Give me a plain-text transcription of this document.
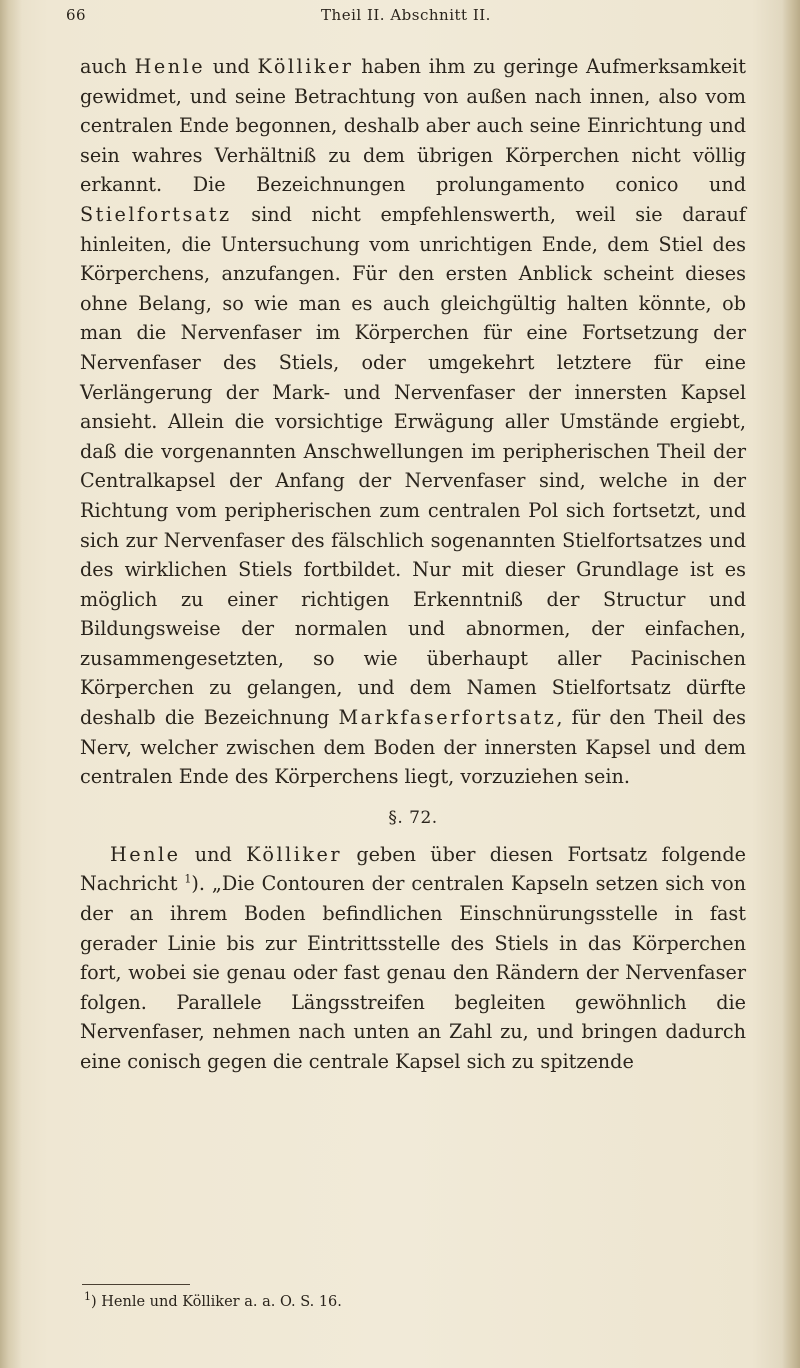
66	Theil II. Abschnitt II.

auch Henle und Kölliker haben ihm zu geringe Aufmerksamkeit gewidmet, und seine Betrachtung von außen nach innen, also vom centralen Ende begonnen, deshalb aber auch seine Einrichtung und sein wahres Verhältniß zu dem übrigen Körperchen nicht völlig erkannt. Die Bezeichnungen prolungamento conico und Stielfortsatz sind nicht empfehlenswerth, weil sie darauf hinleiten, die Untersuchung vom unrichtigen Ende, dem Stiel des Körperchens, anzufangen. Für den ersten Anblick scheint dieses ohne Belang, so wie man es auch gleichgültig halten könnte, ob man die Nervenfaser im Körperchen für eine Fortsetzung der Nervenfaser des Stiels, oder umgekehrt letztere für eine Verlängerung der Mark- und Nervenfaser der innersten Kapsel ansieht. Allein die vorsichtige Erwägung aller Umstände ergiebt, daß die vorgenannten Anschwellungen im peripherischen Theil der Centralkapsel der Anfang der Nervenfaser sind, welche in der Richtung vom peripherischen zum centralen Pol sich fortsetzt, und sich zur Nervenfaser des fälschlich sogenannten Stielfortsatzes und des wirklichen Stiels fortbildet. Nur mit dieser Grundlage ist es möglich zu einer richtigen Erkenntniß der Structur und Bildungsweise der normalen und abnormen, der einfachen, zusammengesetzten, so wie überhaupt aller Pacinischen Körperchen zu gelangen, und dem Namen Stielfortsatz dürfte deshalb die Bezeichnung Markfaserfortsatz, für den Theil des Nerv, welcher zwischen dem Boden der innersten Kapsel und dem centralen Ende des Körperchens liegt, vorzuziehen sein.

§. 72.

Henle und Kölliker geben über diesen Fortsatz folgende Nachricht $^1$). „Die Contouren der centralen Kapseln setzen sich von der an ihrem Boden befindlichen Einschnürungsstelle in fast gerader Linie bis zur Eintrittsstelle des Stiels in das Körperchen fort, wobei sie genau oder fast genau den Rändern der Nervenfaser folgen. Parallele Längsstreifen begleiten gewöhnlich die Nervenfaser, nehmen nach unten an Zahl zu, und bringen dadurch eine conisch gegen die centrale Kapsel sich zu spitzende

$^1$) Henle und Kölliker a. a. O. S. 16.
